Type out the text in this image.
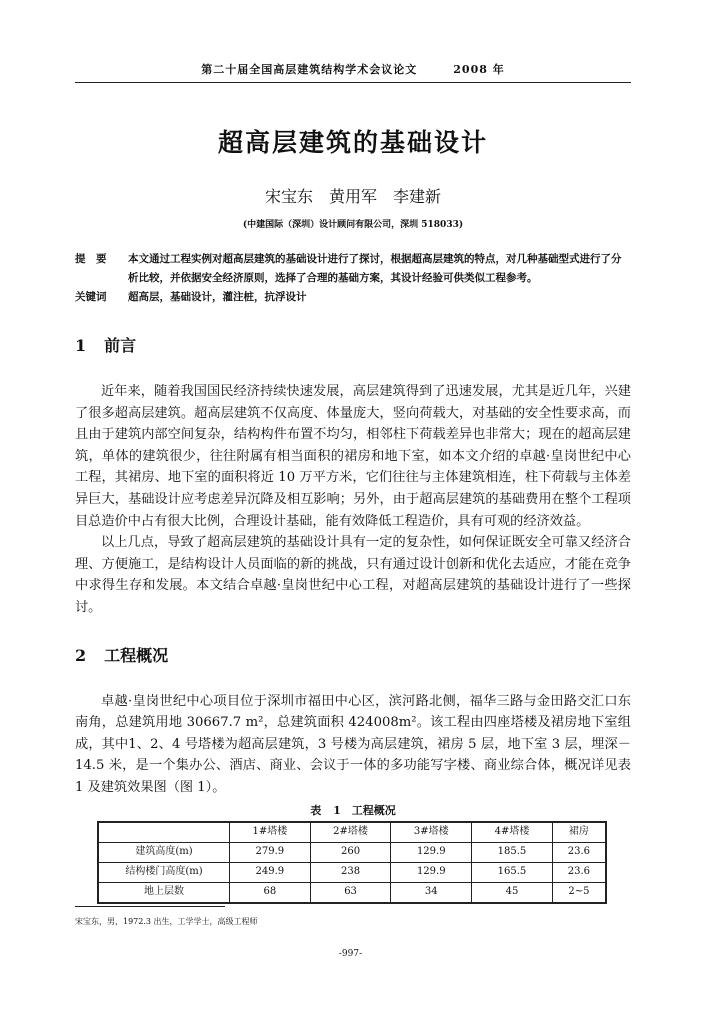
第二十届全国高层建筑结构学术会议论文   	2008 年
超高层建筑的基础设计
宋宝东　黄用军　李建新
(中建国际（深圳）设计顾问有限公司，深圳 518033)
提　要	本文通过工程实例对超高层建筑的基础设计进行了探讨，根据超高层建筑的特点，对几种基础型式进行了分析比较，并依据安全经济原则，选择了合理的基础方案，其设计经验可供类似工程参考。
关键词	超高层，基础设计，灌注桩，抗浮设计
1 前言

近年来，随着我国国民经济持续快速发展，高层建筑得到了迅速发展，尤其是近几年，兴建了很多超高层建筑。超高层建筑不仅高度、体量庞大，竖向荷载大，对基础的安全性要求高，而且由于建筑内部空间复杂，结构构件布置不均匀，相邻柱下荷载差异也非常大；现在的超高层建筑，单体的建筑很少，往往附属有相当面积的裙房和地下室，如本文介绍的卓越·皇岗世纪中心工程，其裙房、地下室的面积将近 10 万平方米，它们往往与主体建筑相连，柱下荷载与主体差异巨大，基础设计应考虑差异沉降及相互影响；另外，由于超高层建筑的基础费用在整个工程项目总造价中占有很大比例，合理设计基础，能有效降低工程造价，具有可观的经济效益。

以上几点，导致了超高层建筑的基础设计具有一定的复杂性，如何保证既安全可靠又经济合理、方便施工，是结构设计人员面临的新的挑战，只有通过设计创新和优化去适应，才能在竞争中求得生存和发展。本文结合卓越·皇岗世纪中心工程，对超高层建筑的基础设计进行了一些探讨。

2 工程概况

卓越·皇岗世纪中心项目位于深圳市福田中心区，滨河路北侧，福华三路与金田路交汇口东南角，总建筑用地 30667.7 m²，总建筑面积 424008m²。该工程由四座塔楼及裙房地下室组成，其中1、2、4 号塔楼为超高层建筑，3 号楼为高层建筑，裙房 5 层，地下室 3 层，埋深－14.5 米，是一个集办公、酒店、商业、会议于一体的多功能写字楼、商业综合体，概况详见表 1 及建筑效果图（图 1）。

表 1　工程概况
	1#塔楼	2#塔楼	3#塔楼	4#塔楼	裙房
建筑高度(m)	279.9	260	129.9	185.5	23.6
结构楼门高度(m)	249.9	238	129.9	165.5	23.6
地上层数	68	63	34	45	2~5
宋宝东，男，1972.3 出生，工学学士，高级工程师
-997-
